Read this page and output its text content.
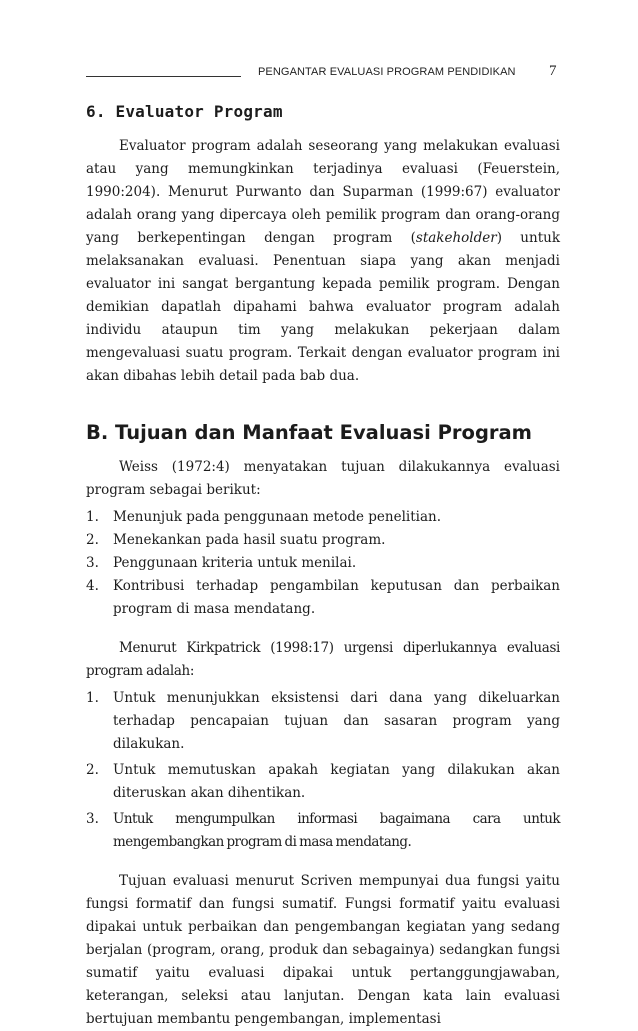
PENGANTAR EVALUASI PROGRAM PENDIDIKAN 7
6. Evaluator Program

Evaluator program adalah seseorang yang melakukan evaluasi atau yang memungkinkan terjadinya evaluasi (Feuerstein, 1990:204). Menurut Purwanto dan Suparman (1999:67) evaluator adalah orang yang dipercaya oleh pemilik program dan orang-orang yang berkepentingan dengan program (stakeholder) untuk melaksanakan evaluasi. Penentuan siapa yang akan menjadi evaluator ini sangat bergantung kepada pemilik program. Dengan demikian dapatlah dipahami bahwa evaluator program adalah individu ataupun tim yang melakukan pekerjaan dalam mengevaluasi suatu program. Terkait dengan evaluator program ini akan dibahas lebih detail pada bab dua.

B. Tujuan dan Manfaat Evaluasi Program

Weiss (1972:4) menyatakan tujuan dilakukannya evaluasi program sebagai berikut:

1.	Menunjuk pada penggunaan metode penelitian.
2.	Menekankan pada hasil suatu program.
3.	Penggunaan kriteria untuk menilai.
4.	Kontribusi terhadap pengambilan keputusan dan perbaikan program di masa mendatang.

Menurut Kirkpatrick (1998:17) urgensi diperlukannya evaluasi program adalah:

1.	Untuk menunjukkan eksistensi dari dana yang dikeluarkan terhadap pencapaian tujuan dan sasaran program yang dilakukan.
2.	Untuk memutuskan apakah kegiatan yang dilakukan akan diteruskan akan dihentikan.
3.	Untuk mengumpulkan informasi bagaimana cara untuk mengembangkan program di masa mendatang.

Tujuan evaluasi menurut Scriven mempunyai dua fungsi yaitu fungsi formatif dan fungsi sumatif. Fungsi formatif yaitu evaluasi dipakai untuk perbaikan dan pengembangan kegiatan yang sedang berjalan (program, orang, produk dan sebagainya) sedangkan fungsi sumatif yaitu evaluasi dipakai untuk pertanggungjawaban, keterangan, seleksi atau lanjutan. Dengan kata lain evaluasi bertujuan membantu pengembangan, implementasi
